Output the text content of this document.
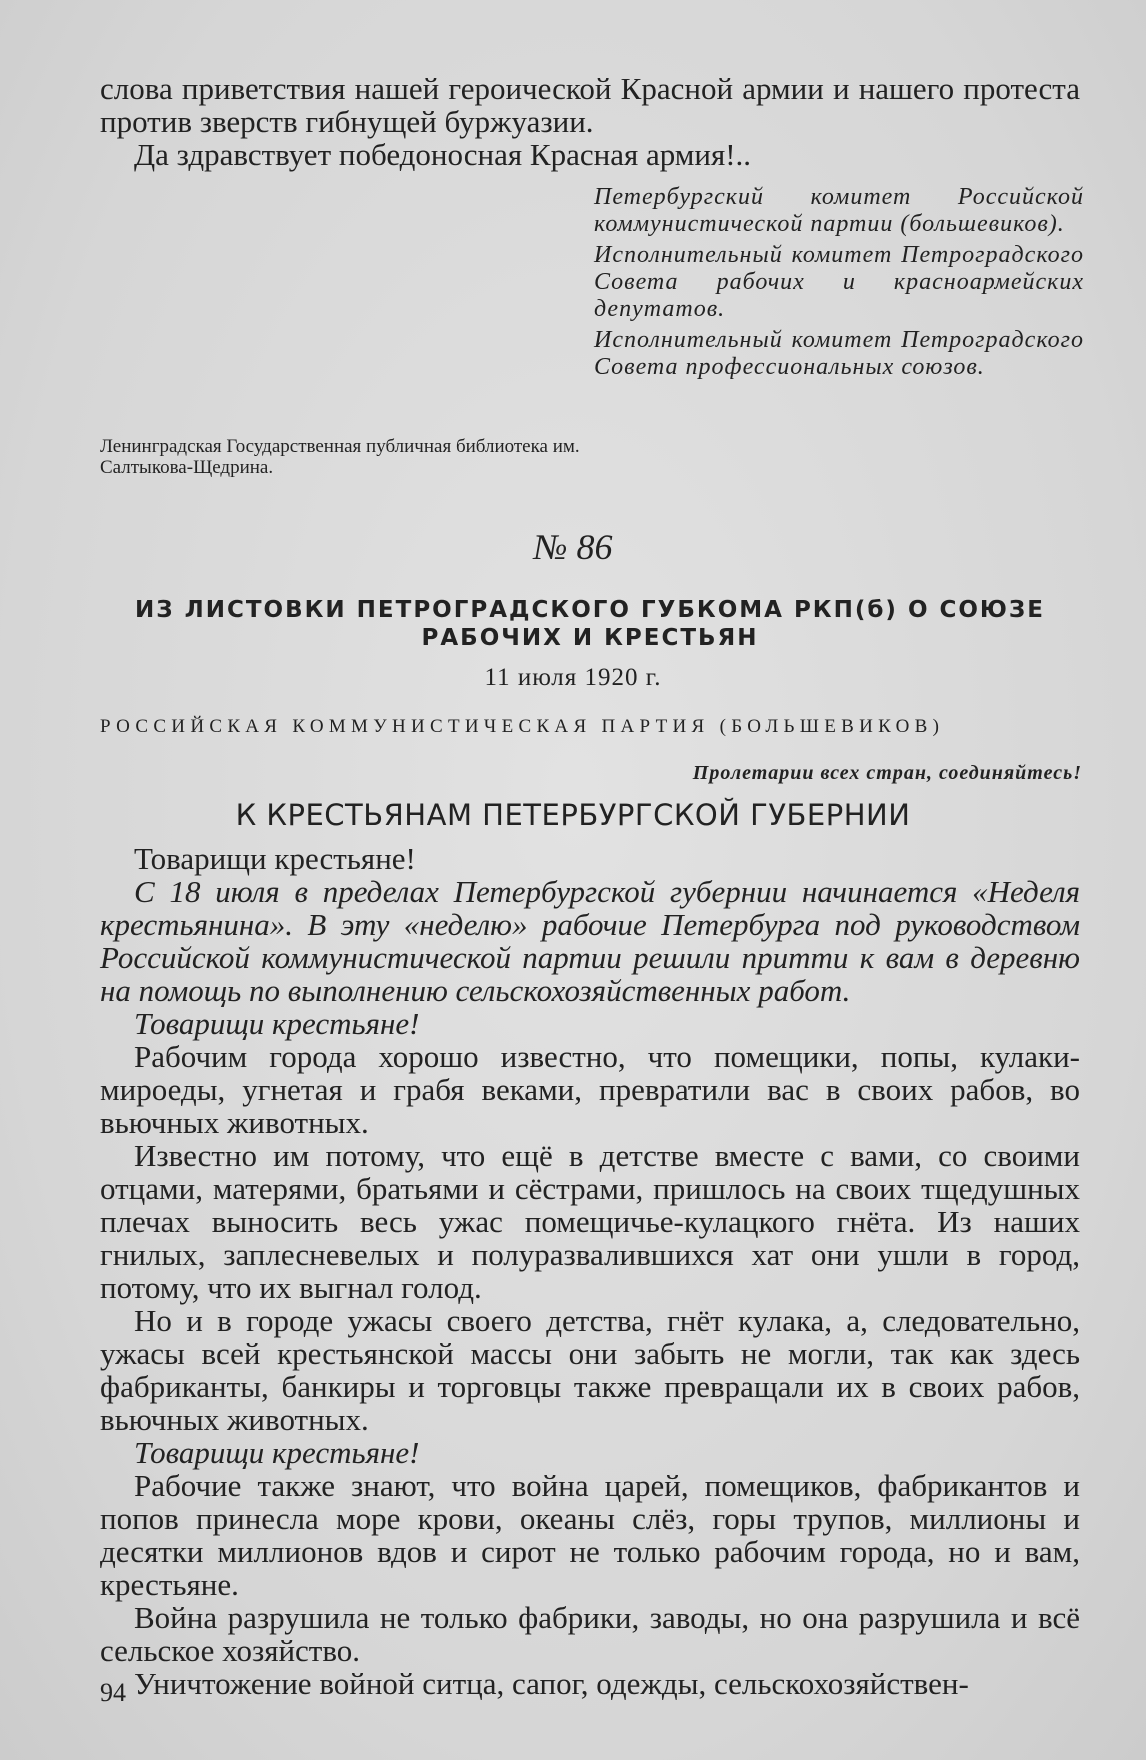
слова приветствия нашей героической Красной армии и нашего протеста против зверств гибнущей буржуазии.

Да здравствует победоносная Красная армия!..

Петербургский комитет Российской коммунистической партии (большевиков).

Исполнительный комитет Петроградского Совета рабочих и красноармейских депутатов.

Исполнительный комитет Петроградского Совета профессиональных союзов.

Ленинградская Государственная публичная библиотека им. Салтыкова-Щедрина.
№ 86
ИЗ ЛИСТОВКИ ПЕТРОГРАДСКОГО ГУБКОМА РКП(б) О СОЮЗЕ РАБОЧИХ И КРЕСТЬЯН
11 июля 1920 г.
РОССИЙСКАЯ КОММУНИСТИЧЕСКАЯ ПАРТИЯ (БОЛЬШЕВИКОВ)
Пролетарии всех стран, соединяйтесь!
К КРЕСТЬЯНАМ ПЕТЕРБУРГСКОЙ ГУБЕРНИИ

Товарищи крестьяне!

С 18 июля в пределах Петербургской губернии начинается «Неделя крестьянина». В эту «неделю» рабочие Петербурга под руководством Российской коммунистической партии решили притти к вам в деревню на помощь по выполнению сельскохозяйственных работ.

Товарищи крестьяне!

Рабочим города хорошо известно, что помещики, попы, кулаки-мироеды, угнетая и грабя веками, превратили вас в своих рабов, во вьючных животных.

Известно им потому, что ещё в детстве вместе с вами, со своими отцами, матерями, братьями и сёстрами, пришлось на своих тщедушных плечах выносить весь ужас помещичье-кулацкого гнёта. Из наших гнилых, заплесневелых и полуразвалившихся хат они ушли в город, потому, что их выгнал голод.

Но и в городе ужасы своего детства, гнёт кулака, а, следовательно, ужасы всей крестьянской массы они забыть не могли, так как здесь фабриканты, банкиры и торговцы также превращали их в своих рабов, вьючных животных.

Товарищи крестьяне!

Рабочие также знают, что война царей, помещиков, фабрикантов и попов принесла море крови, океаны слёз, горы трупов, миллионы и десятки миллионов вдов и сирот не только рабочим города, но и вам, крестьяне.

Война разрушила не только фабрики, заводы, но она разрушила и всё сельское хозяйство.

Уничтожение войной ситца, сапог, одежды, сельскохозяйствен-

94
